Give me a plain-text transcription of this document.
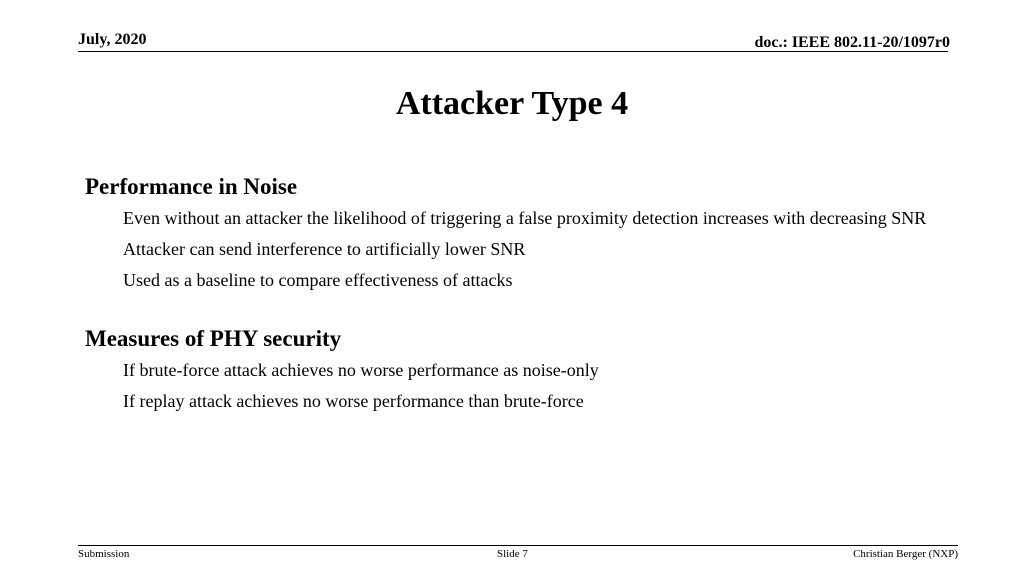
July, 2020	doc.: IEEE 802.11-20/1097r0
Attacker Type 4

Performance in Noise

Even without an attacker the likelihood of triggering a false proximity detection increases with decreasing SNR
Attacker can send interference to artificially lower SNR
Used as a baseline to compare effectiveness of attacks

Measures of PHY security

If brute-force attack achieves no worse performance as noise-only
If replay attack achieves no worse performance than brute-force
Submission	Slide 7	Christian Berger (NXP)
